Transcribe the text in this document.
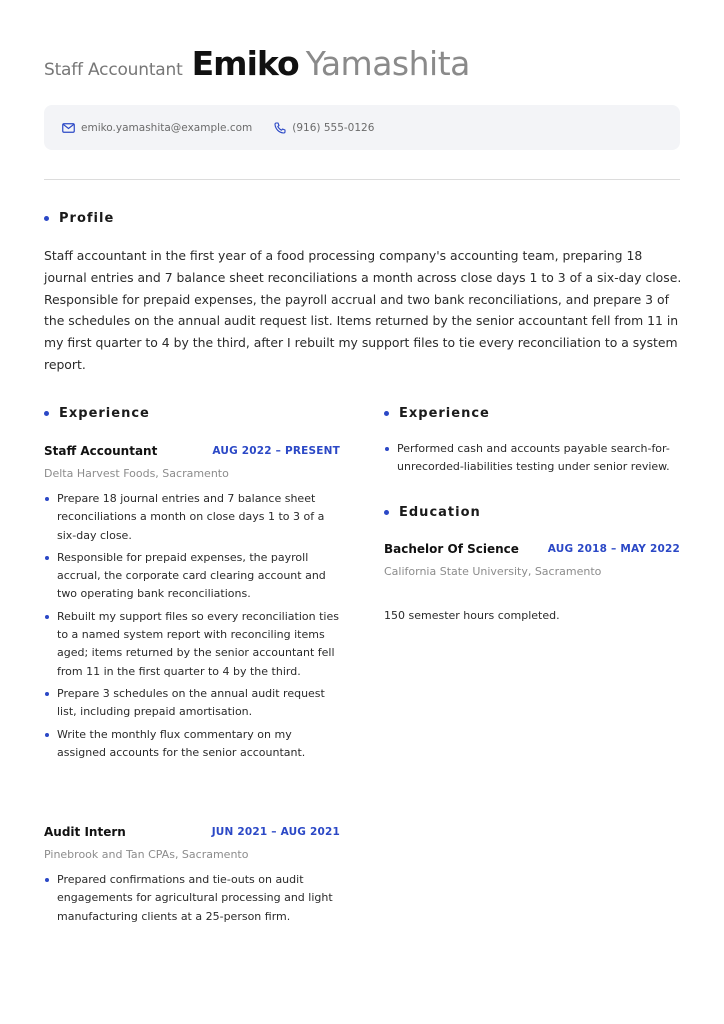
Staff Accountant Emiko Yamashita
emiko.yamashita@example.com	(916) 555-0126
Profile

Staff accountant in the first year of a food processing company's accounting team, preparing 18 journal entries and 7 balance sheet reconciliations a month across close days 1 to 3 of a six-day close. Responsible for prepaid expenses, the payroll accrual and two bank reconciliations, and prepare 3 of the schedules on the annual audit request list. Items returned by the senior accountant fell from 11 in my first quarter to 4 by the third, after I rebuilt my support files to tie every reconciliation to a system report.

Experience
Staff Accountant	AUG 2022 – PRESENT
Delta Harvest Foods, Sacramento
Prepare 18 journal entries and 7 balance sheet reconciliations a month on close days 1 to 3 of a six-day close.
Responsible for prepaid expenses, the payroll accrual, the corporate card clearing account and two operating bank reconciliations.
Rebuilt my support files so every reconciliation ties to a named system report with reconciling items aged; items returned by the senior accountant fell from 11 in the first quarter to 4 by the third.
Prepare 3 schedules on the annual audit request list, including prepaid amortisation.
Write the monthly flux commentary on my assigned accounts for the senior accountant.
Audit Intern	JUN 2021 – AUG 2021
Pinebrook and Tan CPAs, Sacramento
Prepared confirmations and tie-outs on audit engagements for agricultural processing and light manufacturing clients at a 25-person firm.
Experience
Performed cash and accounts payable search-for-unrecorded-liabilities testing under senior review.
Education
Bachelor Of Science	AUG 2018 – MAY 2022
California State University, Sacramento
150 semester hours completed.
